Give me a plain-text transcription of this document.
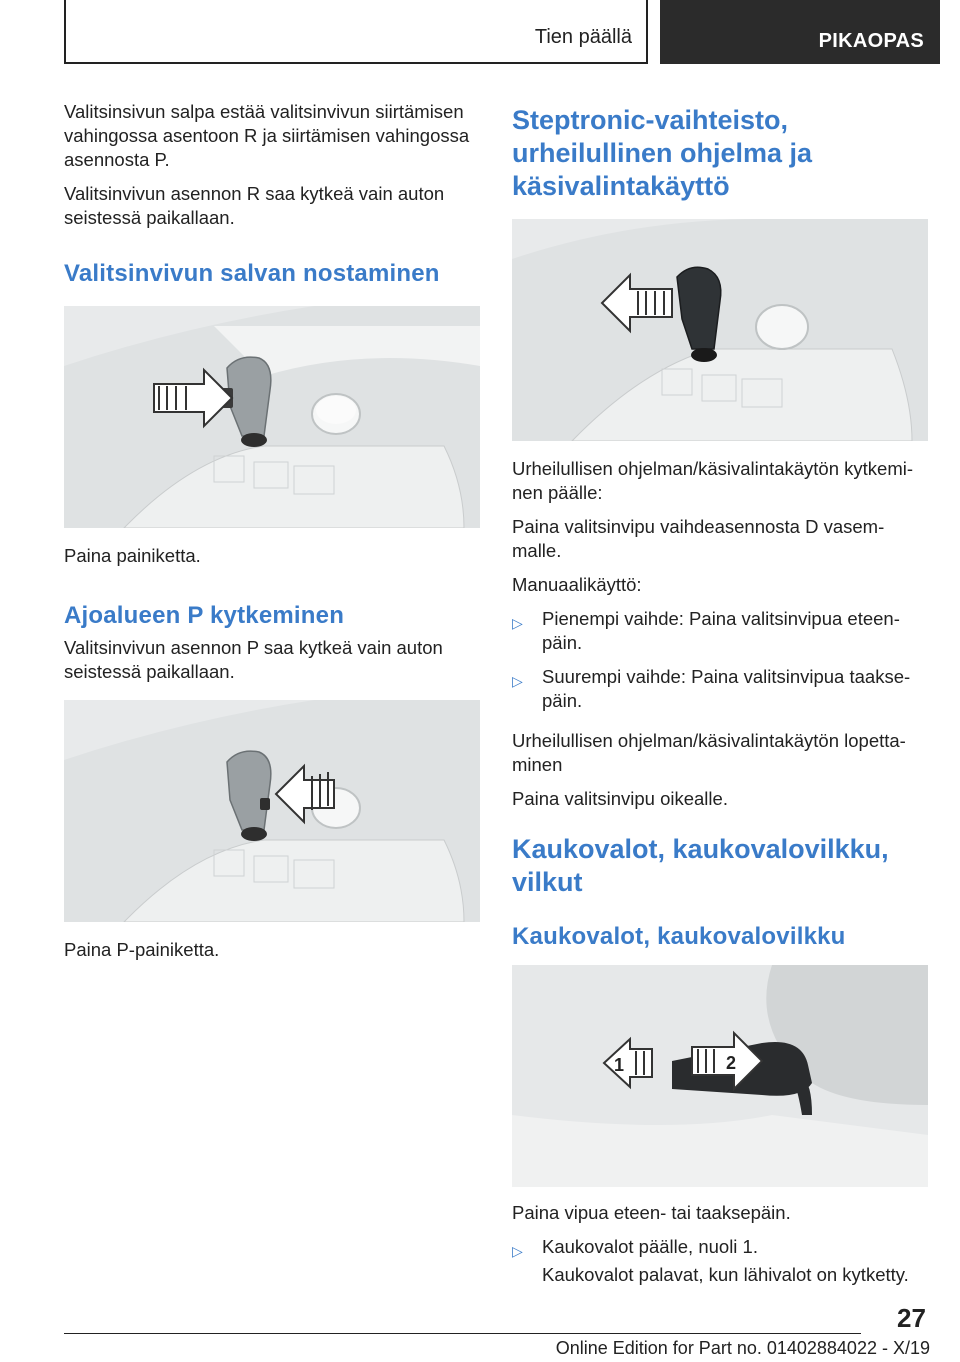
Tien päällä	PIKAOPAS

Valitsinsivun salpa estää valitsinvivun siirtämisen vahingossa asentoon R ja siirtämisen vahingossa asennosta P.

Valitsinvivun asennon R saa kytkeä vain auton seistessä paikallaan.

Valitsinvivun salvan nostaminen

Paina painiketta.

Ajoalueen P kytkeminen

Valitsinvivun asennon P saa kytkeä vain auton seistessä paikallaan.

Paina P-painiketta.

Steptronic-vaihteisto, urheilullinen ohjelma ja käsivalintakäyttö

Urheilullisen ohjelman/käsivalintakäytön kytkemi-nen päälle:

Paina valitsinvipu vaihdeasennosta D vasem-malle.

Manuaalikäyttö:

▷ Pienempi vaihde: Paina valitsinvipua eteen-päin.
▷ Suurempi vaihde: Paina valitsinvipua taakse-päin.

Urheilullisen ohjelman/käsivalintakäytön lopetta-minen

Paina valitsinvipu oikealle.

Kaukovalot, kaukovalovilkku, vilkut
Kaukovalot, kaukovalovilkku
1	2

Paina vipua eteen- tai taaksepäin.

▷ Kaukovalot päälle, nuoli 1.

Kaukovalot palavat, kun lähivalot on kytketty.

27
Online Edition for Part no. 01402884022 - X/19
